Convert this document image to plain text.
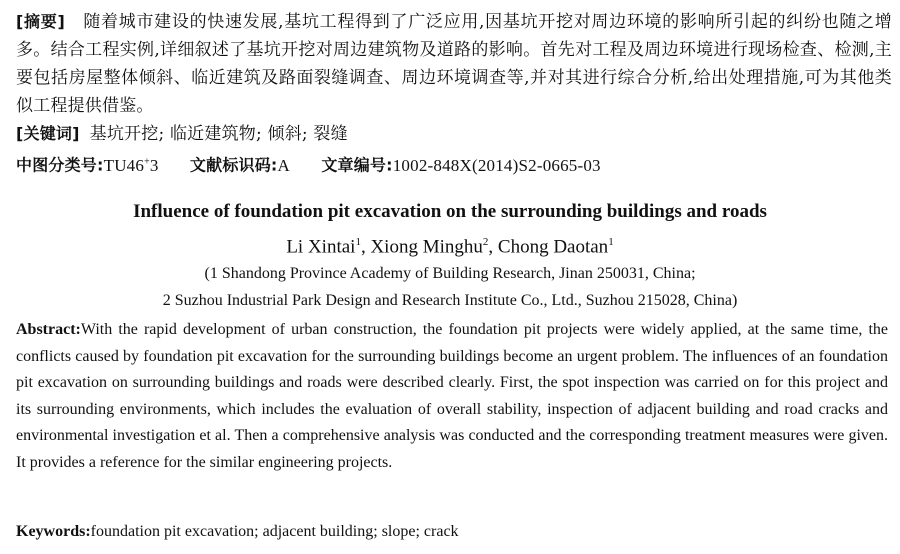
[摘要] 随着城市建设的快速发展,基坑工程得到了广泛应用,因基坑开挖对周边环境的影响所引起的纠纷也随之增多。结合工程实例,详细叙述了基坑开挖对周边建筑物及道路的影响。首先对工程及周边环境进行现场检查、检测,主要包括房屋整体倾斜、临近建筑及路面裂缝调查、周边环境调查等,并对其进行综合分析,给出处理措施,可为其他类似工程提供借鉴。

[关键词] 基坑开挖; 临近建筑物; 倾斜; 裂缝

中图分类号:TU46+3 文献标识码:A 文章编号:1002-848X(2014)S2-0665-03

Influence of foundation pit excavation on the surrounding buildings and roads
Li Xintai$^1$, Xiong Minghu$^2$, Chong Daotan$^1$
(1 Shandong Province Academy of Building Research, Jinan 250031, China;
2 Suzhou Industrial Park Design and Research Institute Co., Ltd., Suzhou 215028, China)

Abstract:With the rapid development of urban construction, the foundation pit projects were widely applied, at the same time, the conflicts caused by foundation pit excavation for the surrounding buildings become an urgent problem. The influences of an foundation pit excavation on surrounding buildings and roads were described clearly. First, the spot inspection was carried on for this project and its surrounding environments, which includes the evaluation of overall stability, inspection of adjacent building and road cracks and environmental investigation et al. Then a comprehensive analysis was conducted and the corresponding treatment measures were given. It provides a reference for the similar engineering projects.

Keywords:foundation pit excavation; adjacent building; slope; crack
